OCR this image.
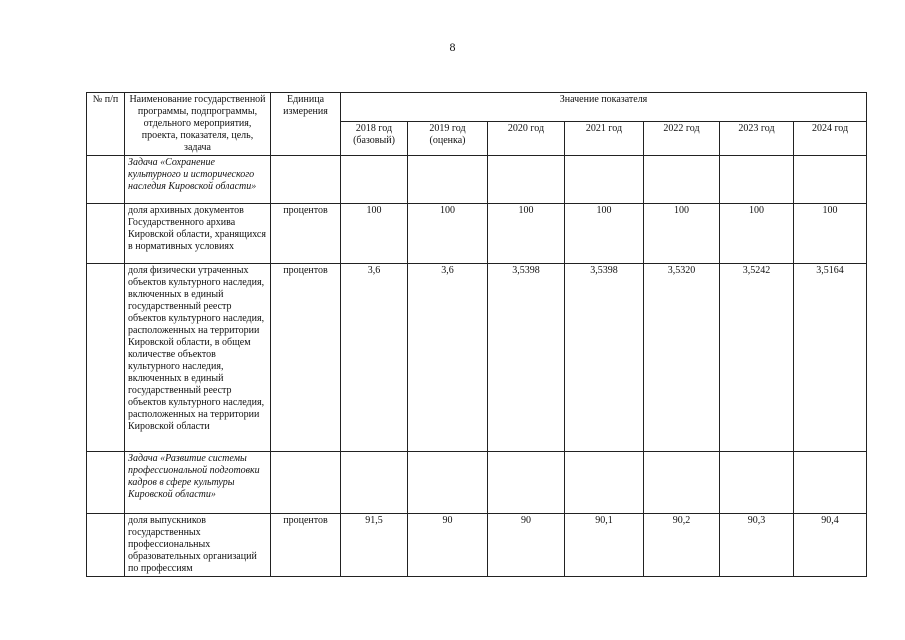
8
№ п/п	Наименование государственной программы, подпрограммы, отдельного мероприятия, проекта, показателя, цель, задача	Единица измерения	Значение показателя						
			2018 год (базовый)	2019 год (оценка)	2020 год	2021 год	2022 год	2023 год	2024 год
	Задача «Сохранение культурного и исторического наследия Кировской области»								
	доля архивных документов Государственного архива Кировской области, хранящихся в нормативных условиях	процентов	100	100	100	100	100	100	100
	доля физически утраченных объектов культурного наследия, включенных в единый государственный реестр объектов культурного наследия, расположенных на территории Кировской области, в общем количестве объектов культурного наследия, включенных в единый государственный реестр объектов культурного наследия, расположенных на территории Кировской области	процентов	3,6	3,6	3,5398	3,5398	3,5320	3,5242	3,5164
	Задача «Развитие системы профессиональной подготовки кадров в сфере культуры Кировской области»								
	доля выпускников государственных профессиональных образовательных организаций по профессиям	процентов	91,5	90	90	90,1	90,2	90,3	90,4
